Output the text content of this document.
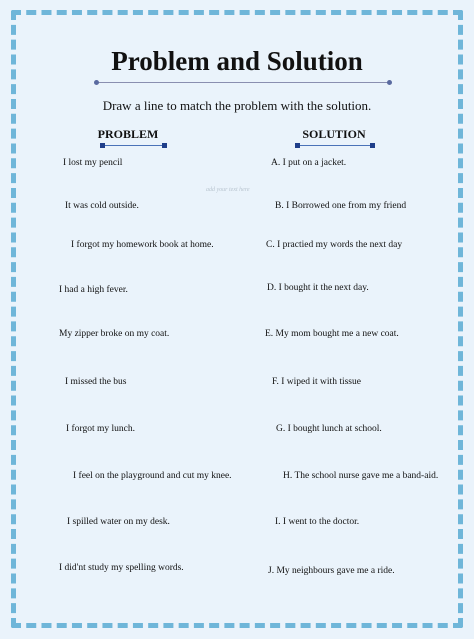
Problem and Solution
Draw a line to match the problem with the solution.
PROBLEM	SOLUTION
add your text here
I lost my pencil
It was cold outside.
I forgot my homework book at home.
I had a high fever.
My zipper broke on my coat.
I missed the bus
I forgot my lunch.
I feel on the playground and cut my knee.
I spilled water on my desk.
I did'nt study my spelling words.
A. I put on a jacket.
B. I Borrowed one from my friend
C. I practied my words the next day
D. I bought it the next day.
E. My mom bought me a new coat.
F. I wiped it with tissue
G. I bought lunch at school.
H. The school nurse gave me a band-aid.
I. I went to the doctor.
J. My neighbours gave me a ride.
